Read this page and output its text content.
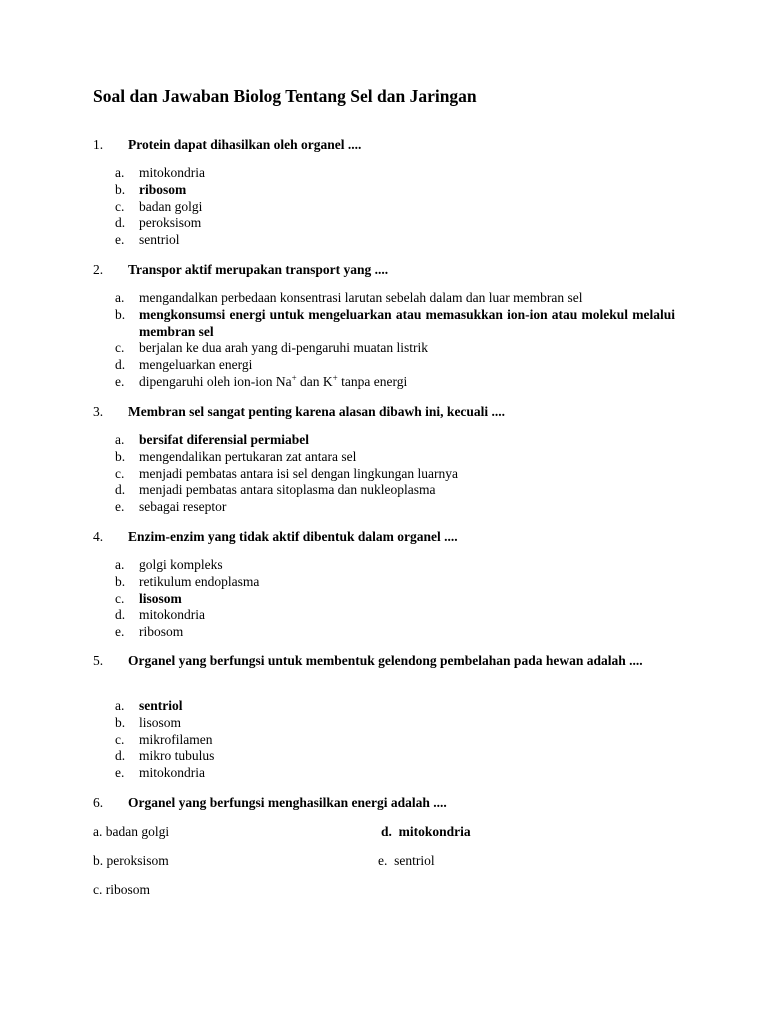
Soal dan Jawaban Biolog Tentang Sel dan Jaringan
1. Protein dapat dihasilkan oleh organel ....
a. mitokondria
b. ribosom
c. badan golgi
d. peroksisom
e. sentriol
2. Transpor aktif merupakan transport yang ....
a. mengandalkan perbedaan konsentrasi larutan sebelah dalam dan luar membran sel
b. mengkonsumsi energi untuk mengeluarkan atau memasukkan ion-ion atau molekul melalui membran sel
c. berjalan ke dua arah yang di-pengaruhi muatan listrik
d. mengeluarkan energi
e. dipengaruhi oleh ion-ion Na+ dan K+ tanpa energi
3. Membran sel sangat penting karena alasan dibawh ini, kecuali ....
a. bersifat diferensial permiabel
b. mengendalikan pertukaran zat antara sel
c. menjadi pembatas antara isi sel dengan lingkungan luarnya
d. menjadi pembatas antara sitoplasma dan nukleoplasma
e. sebagai reseptor
4. Enzim-enzim yang tidak aktif dibentuk dalam organel ....
a. golgi kompleks
b. retikulum endoplasma
c. lisosom
d. mitokondria
e. ribosom
5.	Organel yang berfungsi untuk membentuk gelendong pembelahan pada hewan adalah ....
a. sentriol
b. lisosom
c. mikrofilamen
d. mikro tubulus
e. mitokondria
6. Organel yang berfungsi menghasilkan energi adalah ....
a. badan golgi	d. mitokondria
b. peroksisom	e. sentriol
c. ribosom
